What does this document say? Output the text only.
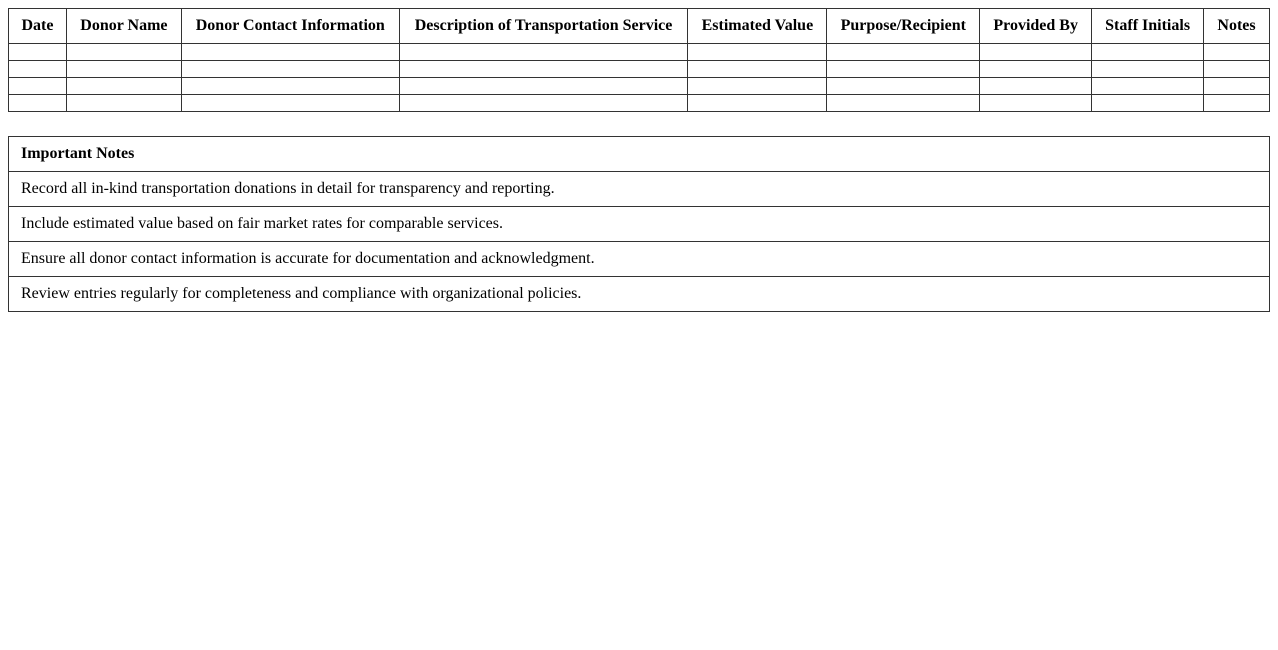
Date	Donor Name	Donor Contact Information	Description of Transportation Service	Estimated Value	Purpose/Recipient	Provided By	Staff Initials	Notes

Important Notes
Record all in-kind transportation donations in detail for transparency and reporting.
Include estimated value based on fair market rates for comparable services.
Ensure all donor contact information is accurate for documentation and acknowledgment.
Review entries regularly for completeness and compliance with organizational policies.
